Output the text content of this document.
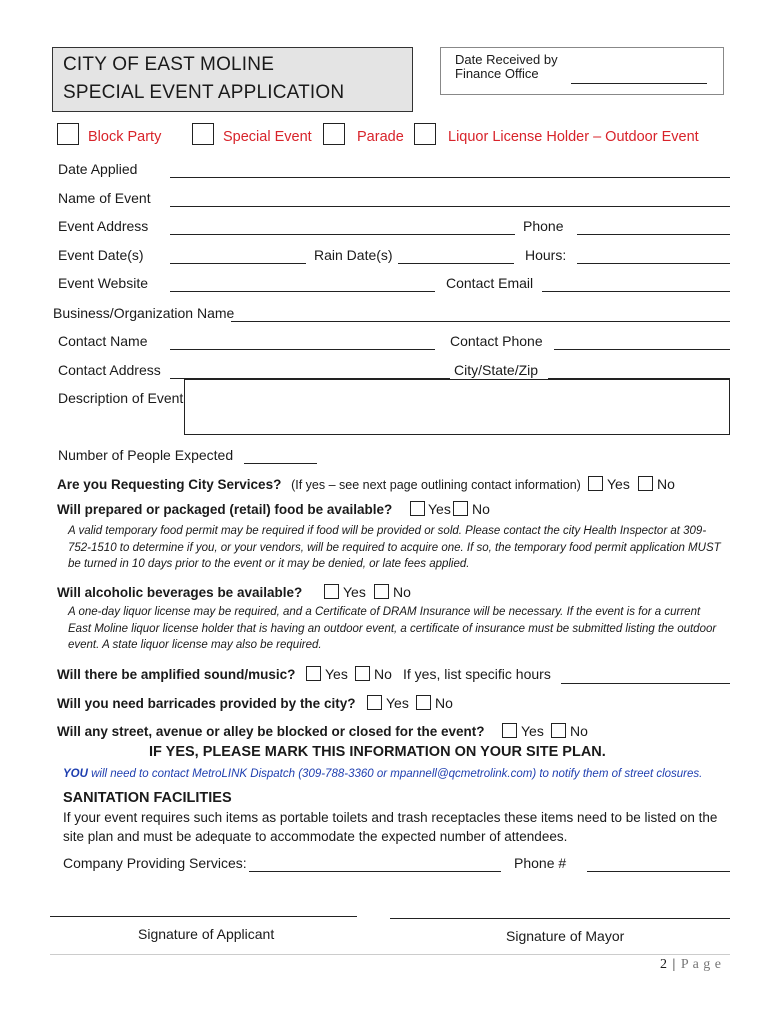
CITY OF EAST MOLINE
SPECIAL EVENT APPLICATION
Date Received by
Finance Office
Block Party	Special Event	Parade	Liquor License Holder – Outdoor Event
Date Applied
Name of Event
Event Address	Phone
Event Date(s)	Rain Date(s)	Hours:
Event Website	Contact Email
Business/Organization Name
Contact Name	Contact Phone
Contact Address	City/State/Zip
Description of Event
Number of People Expected
Are you Requesting City Services? (If yes – see next page outlining contact information) Yes No
Will prepared or packaged (retail) food be available?	Yes No
A valid temporary food permit may be required if food will be provided or sold. Please contact the city Health Inspector at 309-752-1510 to determine if you, or your vendors, will be required to acquire one. If so, the temporary food permit application MUST be turned in 10 days prior to the event or it may be denied, or late fees applied.
Will alcoholic beverages be available?	Yes No
A one-day liquor license may be required, and a Certificate of DRAM Insurance will be necessary. If the event is for a current East Moline liquor license holder that is having an outdoor event, a certificate of insurance must be submitted listing the outdoor event. A state liquor license may also be required.
Will there be amplified sound/music? Yes No If yes, list specific hours
Will you need barricades provided by the city? Yes No
Will any street, avenue or alley be blocked or closed for the event?	Yes No
IF YES, PLEASE MARK THIS INFORMATION ON YOUR SITE PLAN.
YOU will need to contact MetroLINK Dispatch (309-788-3360 or mpannell@qcmetrolink.com) to notify them of street closures.
SANITATION FACILITIES
If your event requires such items as portable toilets and trash receptacles these items need to be listed on the site plan and must be adequate to accommodate the expected number of attendees.
Company Providing Services:	Phone #
Signature of Applicant	Signature of Mayor
2 | P a g e
